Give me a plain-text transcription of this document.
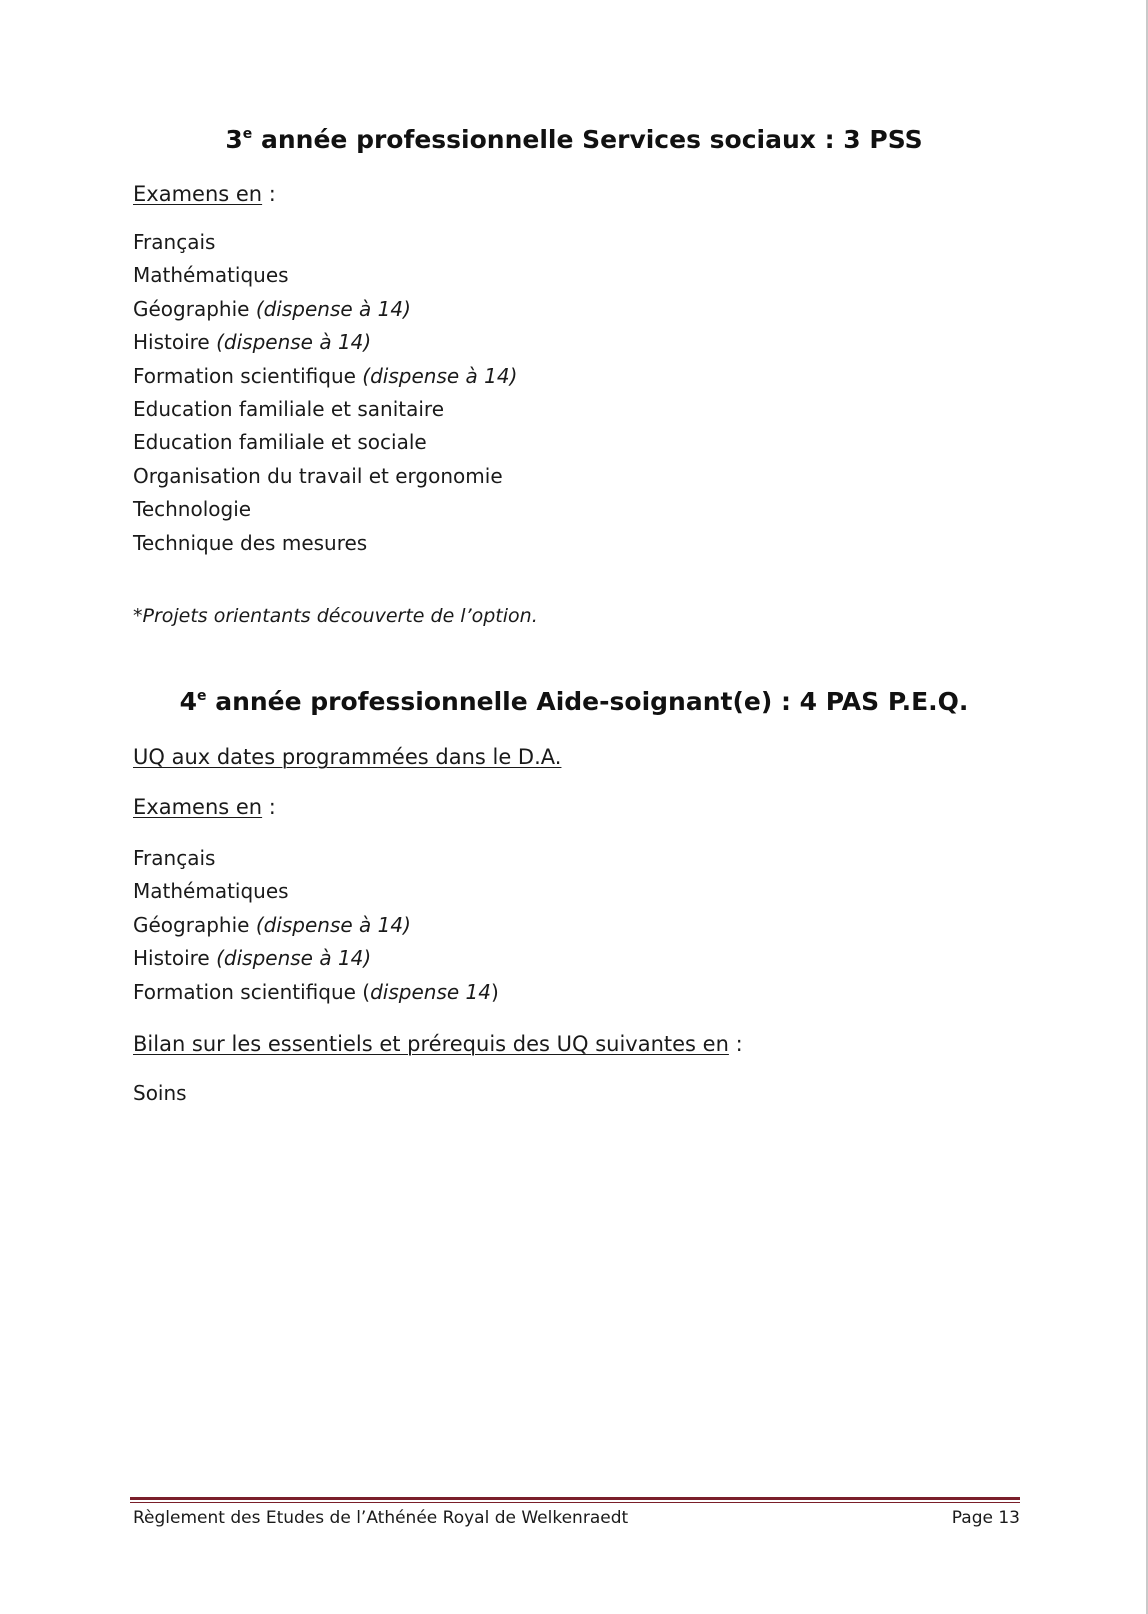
3e année professionnelle Services sociaux : 3 PSS
Examens en :
Français
Mathématiques
Géographie (dispense à 14)
Histoire (dispense à 14)
Formation scientifique (dispense à 14)
Education familiale et sanitaire
Education familiale et sociale
Organisation du travail et ergonomie
Technologie
Technique des mesures
*Projets orientants découverte de l’option.
4e année professionnelle Aide-soignant(e) : 4 PAS P.E.Q.
UQ aux dates programmées dans le D.A.
Examens en :
Français
Mathématiques
Géographie (dispense à 14)
Histoire (dispense à 14)
Formation scientifique (dispense 14)
Bilan sur les essentiels et prérequis des UQ suivantes en :
Soins
Règlement des Etudes de l’Athénée Royal de Welkenraedt	Page 13
